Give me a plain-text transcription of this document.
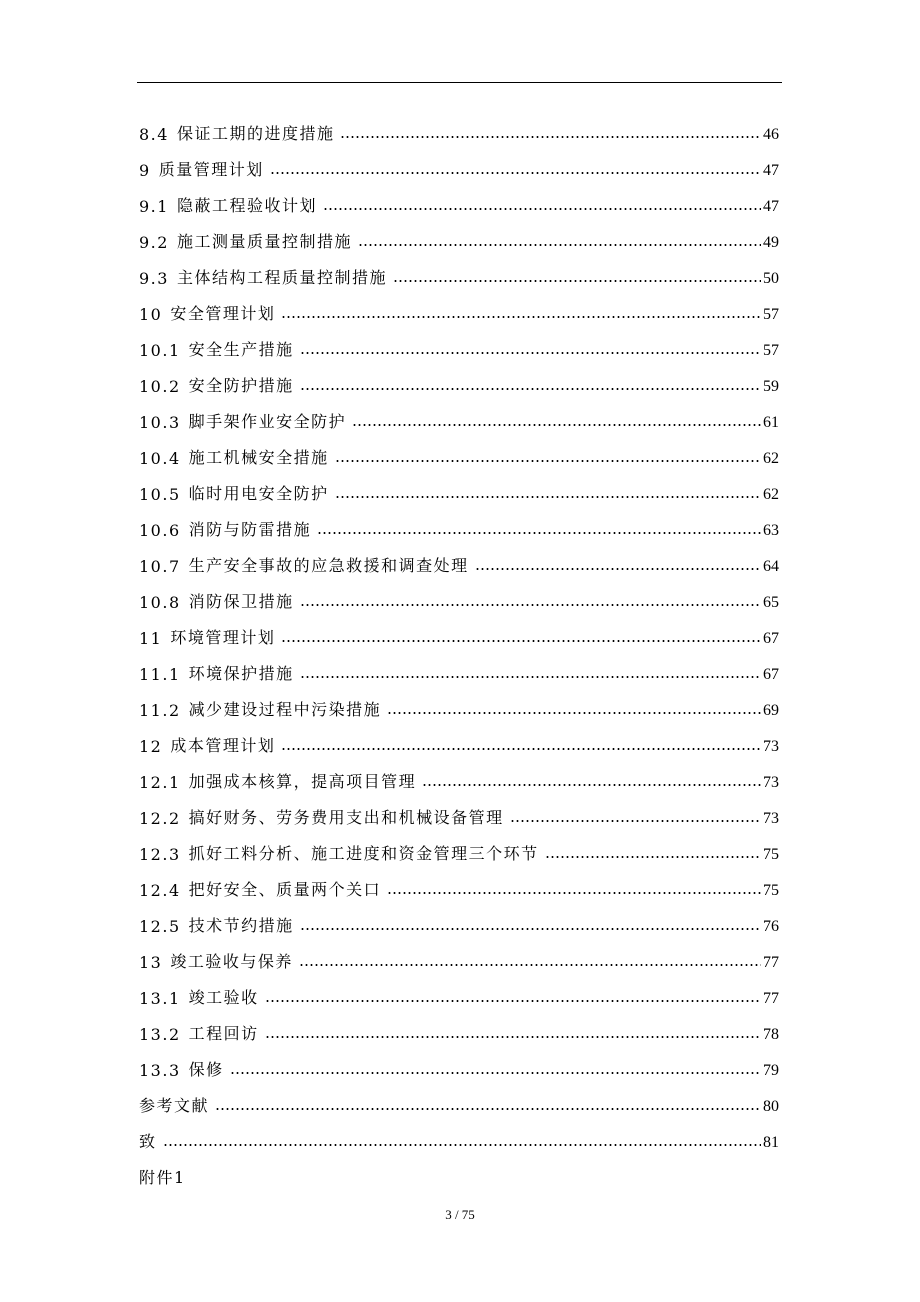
8.4 保证工期的进度措施	46
9 质量管理计划	47
9.1 隐蔽工程验收计划	47
9.2 施工测量质量控制措施	49
9.3 主体结构工程质量控制措施	50
10 安全管理计划	57
10.1 安全生产措施	57
10.2 安全防护措施	59
10.3 脚手架作业安全防护	61
10.4 施工机械安全措施	62
10.5 临时用电安全防护	62
10.6 消防与防雷措施	63
10.7 生产安全事故的应急救援和调查处理	64
10.8 消防保卫措施	65
11 环境管理计划	67
11.1 环境保护措施	67
11.2 减少建设过程中污染措施	69
12 成本管理计划	73
12.1 加强成本核算，提高项目管理	73
12.2 搞好财务、劳务费用支出和机械设备管理	73
12.3 抓好工料分析、施工进度和资金管理三个环节	75
12.4 把好安全、质量两个关口	75
12.5 技术节约措施	76
13 竣工验收与保养	77
13.1 竣工验收	77
13.2 工程回访	78
13.3 保修	79
参考文献	80
致	81
附件1
3 / 75
